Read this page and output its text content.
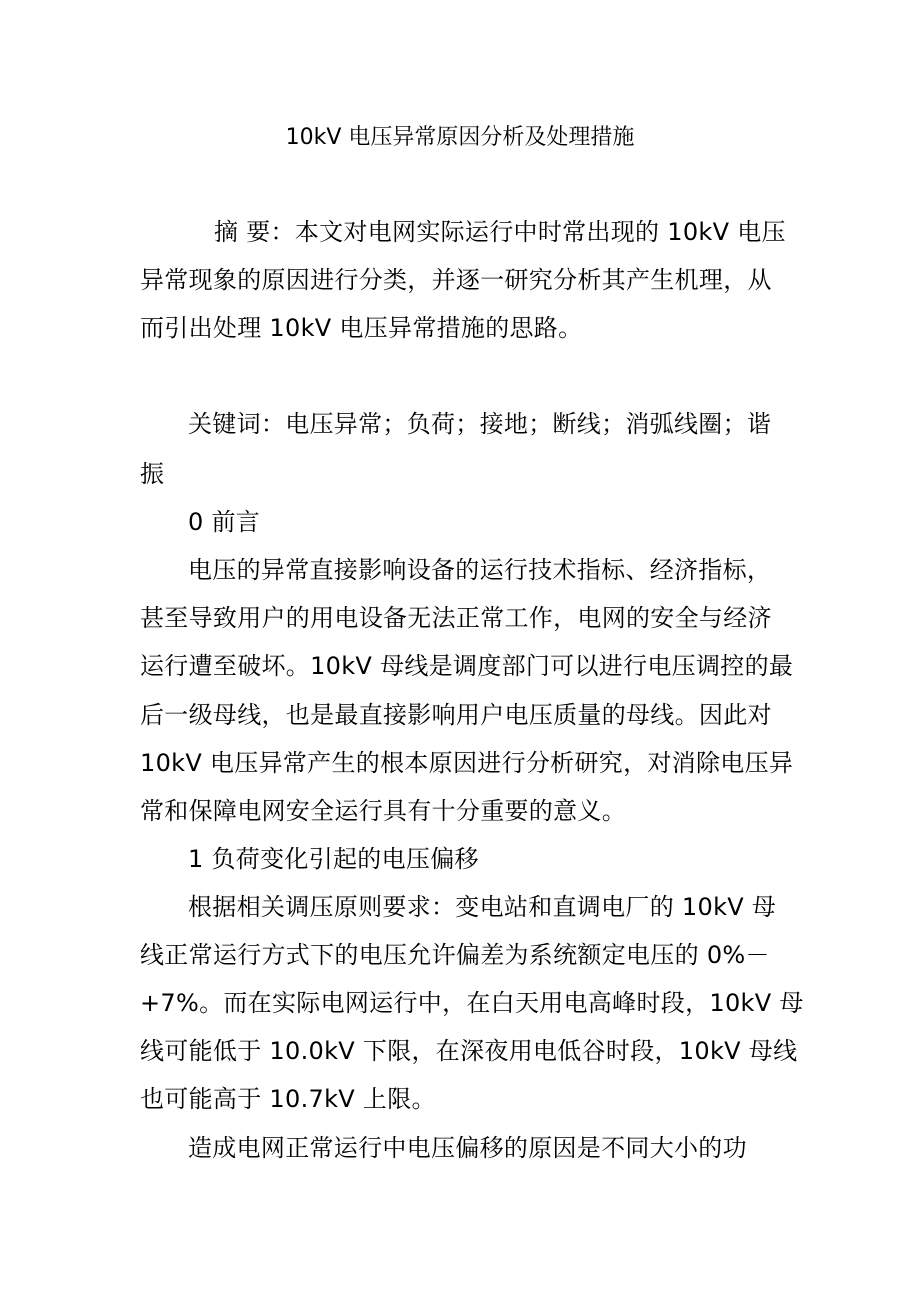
10kV 电压异常原因分析及处理措施
摘 要：本文对电网实际运行中时常出现的 10kV 电压
异常现象的原因进行分类，并逐一研究分析其产生机理，从
而引出处理 10kV 电压异常措施的思路。
关键词：电压异常；负荷；接地；断线；消弧线圈；谐
振
0 前言
电压的异常直接影响设备的运行技术指标、经济指标，
甚至导致用户的用电设备无法正常工作，电网的安全与经济
运行遭至破坏。10kV 母线是调度部门可以进行电压调控的最
后一级母线，也是最直接影响用户电压质量的母线。因此对
10kV 电压异常产生的根本原因进行分析研究，对消除电压异
常和保障电网安全运行具有十分重要的意义。
1 负荷变化引起的电压偏移
根据相关调压原则要求：变电站和直调电厂的 10kV 母
线正常运行方式下的电压允许偏差为系统额定电压的 0%－
+7%。而在实际电网运行中，在白天用电高峰时段，10kV 母
线可能低于 10.0kV 下限，在深夜用电低谷时段，10kV 母线
也可能高于 10.7kV 上限。
造成电网正常运行中电压偏移的原因是不同大小的功
